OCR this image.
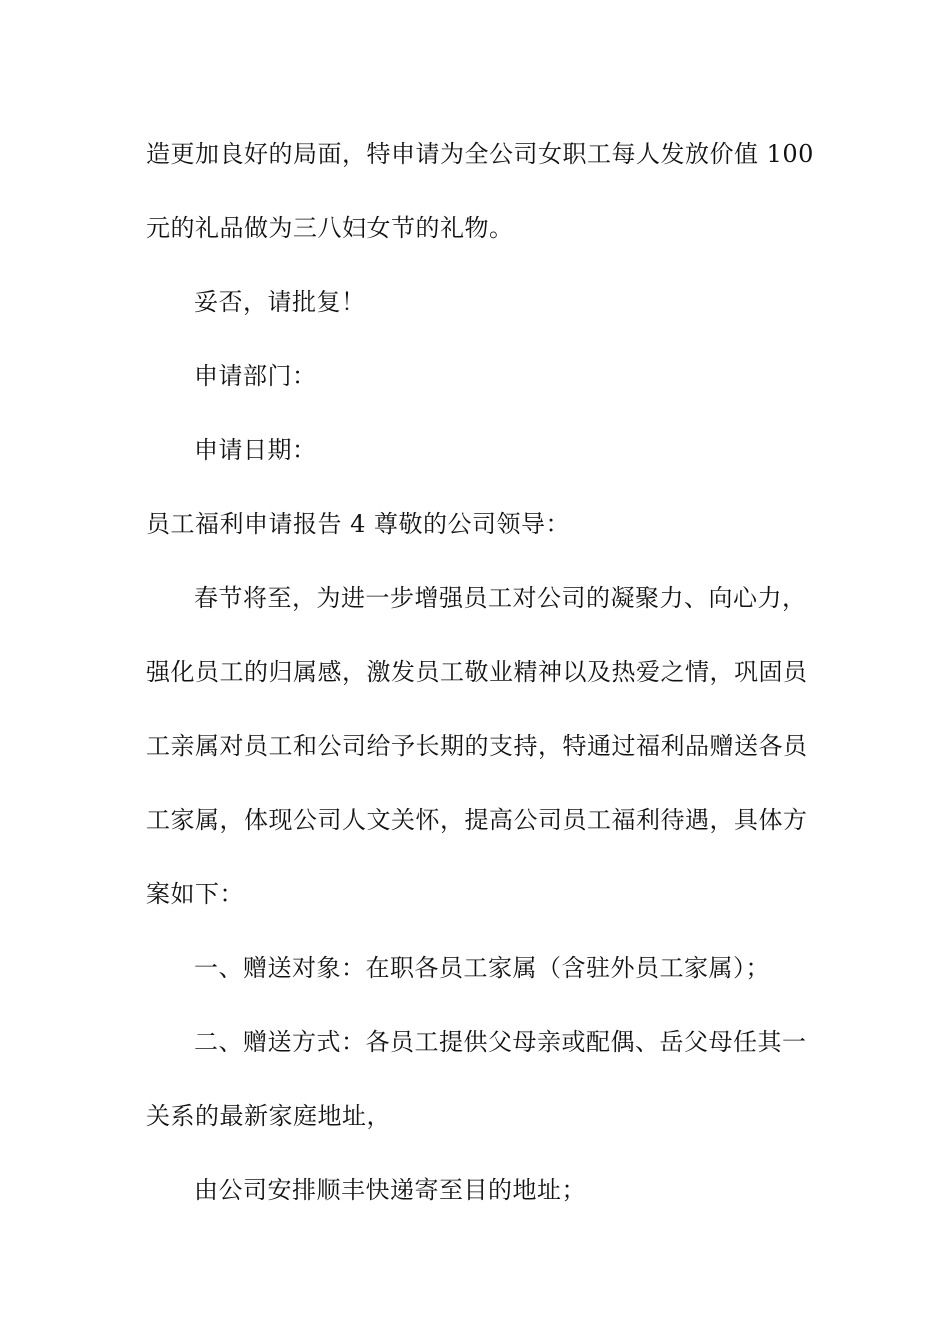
造更加良好的局面，特申请为全公司女职工每人发放价值 100
元的礼品做为三八妇女节的礼物。
妥否，请批复！
申请部门：
申请日期：
员工福利申请报告 4 尊敬的公司领导：
春节将至，为进一步增强员工对公司的凝聚力、向心力，
强化员工的归属感，激发员工敬业精神以及热爱之情，巩固员
工亲属对员工和公司给予长期的支持，特通过福利品赠送各员
工家属，体现公司人文关怀，提高公司员工福利待遇，具体方
案如下：
一、赠送对象：在职各员工家属（含驻外员工家属）；
二、赠送方式：各员工提供父母亲或配偶、岳父母任其一
关系的最新家庭地址，
由公司安排顺丰快递寄至目的地址；
